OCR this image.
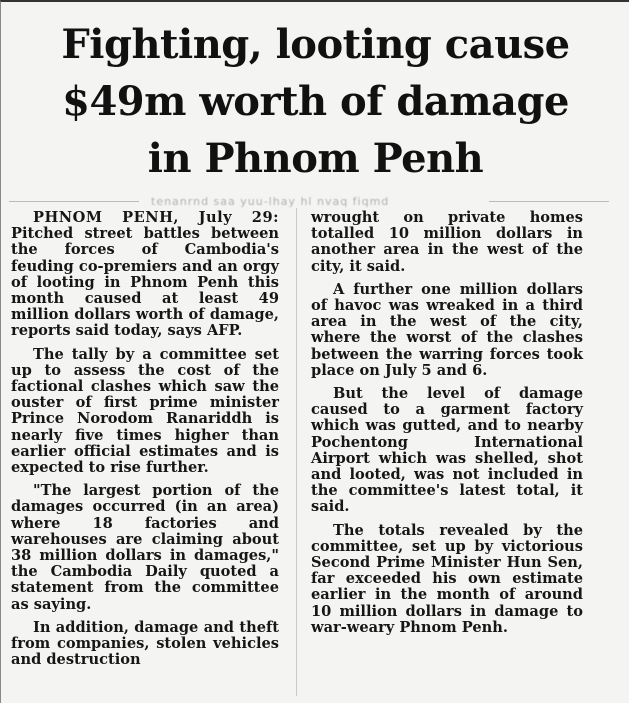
Fighting, looting cause
$49m worth of damage
in Phnom Penh
tenanrnd saa yuu-lhay hl nvaq fiqmd

PHNOM PENH, July 29: Pitched street battles between the forces of Cambodia's feuding co-premiers and an orgy of looting in Phnom Penh this month caused at least 49 million dollars worth of damage, reports said today, says AFP.

The tally by a committee set up to assess the cost of the factional clashes which saw the ouster of first prime minister Prince Norodom Ranariddh is nearly five times higher than earlier official estimates and is expected to rise further.

"The largest portion of the damages occurred (in an area) where 18 factories and warehouses are claiming about 38 million dollars in damages," the Cambodia Daily quoted a statement from the committee as saying.

In addition, damage and theft from companies, stolen vehicles and destruction

wrought on private homes totalled 10 million dollars in another area in the west of the city, it said.

A further one million dollars of havoc was wreaked in a third area in the west of the city, where the worst of the clashes between the warring forces took place on July 5 and 6.

But the level of damage caused to a garment factory which was gutted, and to nearby Pochentong International Airport which was shelled, shot and looted, was not included in the committee's latest total, it said.

The totals revealed by the committee, set up by victorious Second Prime Minister Hun Sen, far exceeded his own estimate earlier in the month of around 10 million dollars in damage to war-weary Phnom Penh.
